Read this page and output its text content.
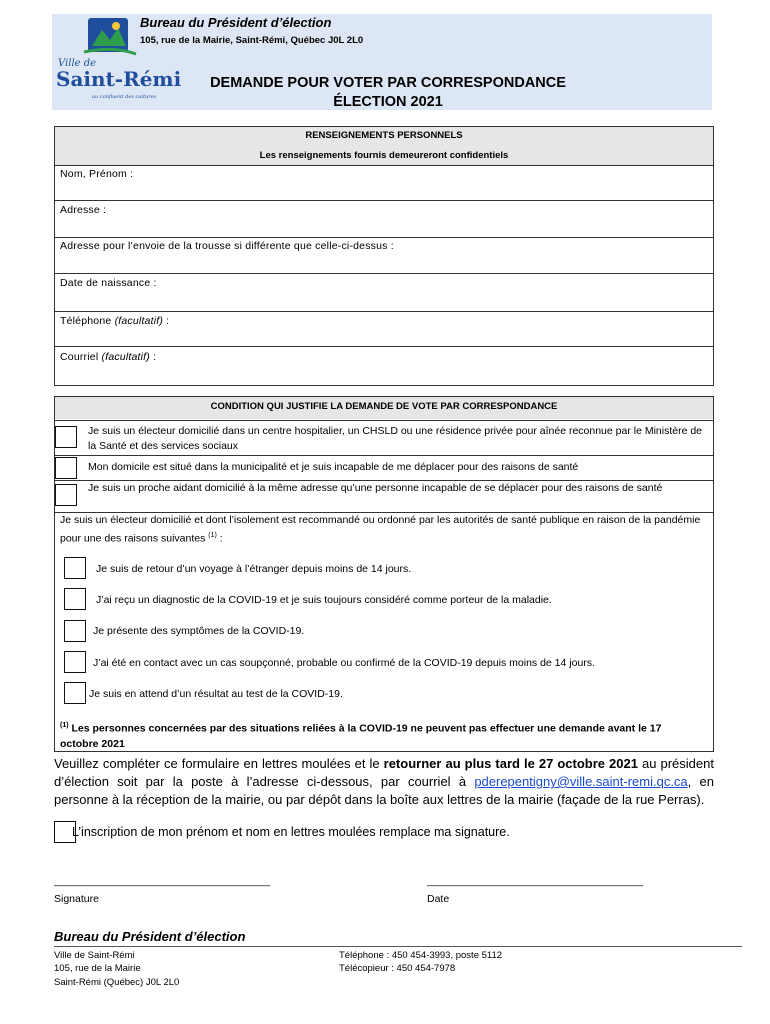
Ville de
Saint-Rémi
au confluent des cultures
Bureau du Président d’élection
105, rue de la Mairie, Saint-Rémi, Québec J0L 2L0
DEMANDE POUR VOTER PAR CORRESPONDANCE
ÉLECTION 2021
RENSEIGNEMENTS PERSONNELS
Les renseignements fournis demeureront confidentiels
Nom, Prénom :
Adresse :
Adresse pour l’envoie de la trousse si différente que celle-ci-dessus :
Date de naissance :
Téléphone (facultatif) :
Courriel (facultatif) :
CONDITION QUI JUSTIFIE LA DEMANDE DE VOTE PAR CORRESPONDANCE
Je suis un électeur domicilié dans un centre hospitalier, un CHSLD ou une résidence privée pour aînée reconnue par le Ministère de la Santé et des services sociaux
Mon domicile est situé dans la municipalité et je suis incapable de me déplacer pour des raisons de santé
Je suis un proche aidant domicilié à la même adresse qu’une personne incapable de se déplacer pour des raisons de santé
Je suis un électeur domicilié et dont l’isolement est recommandé ou ordonné par les autorités de santé publique en raison de la pandémie pour une des raisons suivantes $^{(1)}$ :
Je suis de retour d’un voyage à l’étranger depuis moins de 14 jours.
J’ai reçu un diagnostic de la COVID-19 et je suis toujours considéré comme porteur de la maladie.
Je présente des symptômes de la COVID-19.
J’ai été en contact avec un cas soupçonné, probable ou confirmé de la COVID-19 depuis moins de 14 jours.
Je suis en attend d’un résultat au test de la COVID-19.
$^{(1)}$ Les personnes concernées par des situations reliées à la COVID-19 ne peuvent pas effectuer une demande avant le 17 octobre 2021
Veuillez compléter ce formulaire en lettres moulées et le retourner au plus tard le 27 octobre 2021 au président d’élection soit par la poste à l’adresse ci-dessous, par courriel à pderepentigny@ville.saint-remi.qc.ca, en personne à la réception de la mairie, ou par dépôt dans la boîte aux lettres de la mairie (façade de la rue Perras).
L’inscription de mon prénom et nom en lettres moulées remplace ma signature.
_____________________________________
Signature
_____________________________________
Date
Bureau du Président d’élection
Ville de Saint-Rémi
105, rue de la Mairie
Saint-Rémi (Québec) J0L 2L0
Téléphone : 450 454-3993, poste 5112
Télécopieur : 450 454-7978
